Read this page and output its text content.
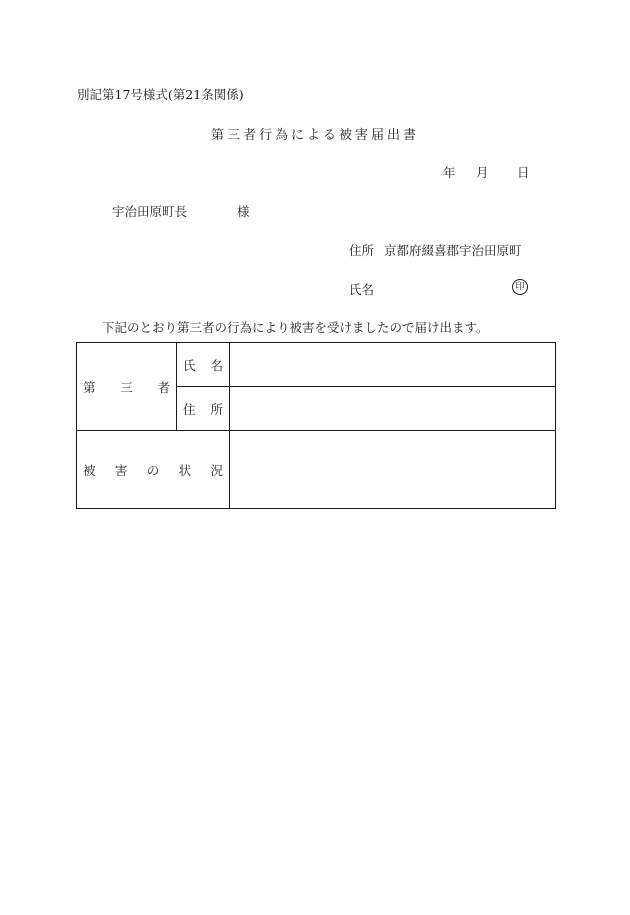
別記第17号様式(第21条関係)
第三者行為による被害届出書
年 月 日
宇治田原町長	様
住所 京都府綴喜郡宇治田原町
氏名	印
下記のとおり第三者の行為により被害を受けましたので届け出ます。
第 三 者	氏 名	

	住 所	

被 害 の 状 況		
